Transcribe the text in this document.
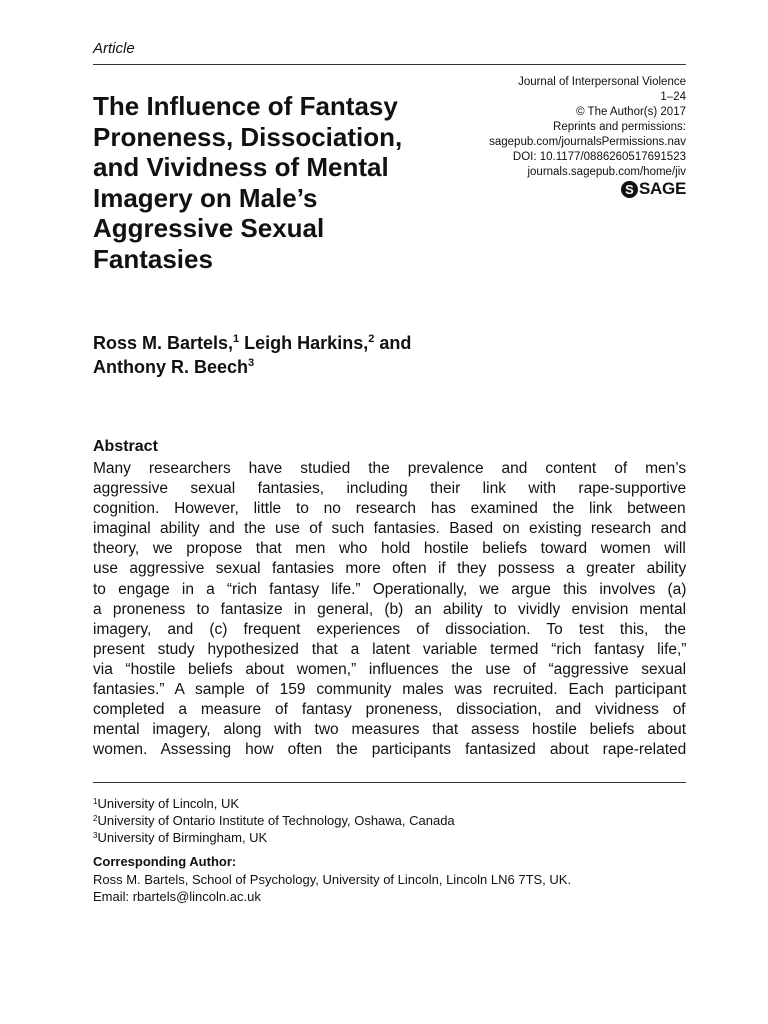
Article
The Influence of Fantasy
Proneness, Dissociation,
and Vividness of Mental
Imagery on Male’s
Aggressive Sexual
Fantasies
Journal of Interpersonal Violence
1–24
© The Author(s) 2017
Reprints and permissions:
sagepub.com/journalsPermissions.nav
DOI: 10.1177/0886260517691523
journals.sagepub.com/home/jiv
S SAGE
Ross M. Bartels,$^1$ Leigh Harkins,$^2$ and
Anthony R. Beech$^3$
Abstract
Many researchers have studied the prevalence and content of men’s
aggressive sexual fantasies, including their link with rape-supportive
cognition. However, little to no research has examined the link between
imaginal ability and the use of such fantasies. Based on existing research and
theory, we propose that men who hold hostile beliefs toward women will
use aggressive sexual fantasies more often if they possess a greater ability
to engage in a “rich fantasy life.” Operationally, we argue this involves (a)
a proneness to fantasize in general, (b) an ability to vividly envision mental
imagery, and (c) frequent experiences of dissociation. To test this, the
present study hypothesized that a latent variable termed “rich fantasy life,”
via “hostile beliefs about women,” influences the use of “aggressive sexual
fantasies.” A sample of 159 community males was recruited. Each participant
completed a measure of fantasy proneness, dissociation, and vividness of
mental imagery, along with two measures that assess hostile beliefs about
women. Assessing how often the participants fantasized about rape-related
$^1$University of Lincoln, UK
$^2$University of Ontario Institute of Technology, Oshawa, Canada
$^3$University of Birmingham, UK
Corresponding Author:
Ross M. Bartels, School of Psychology, University of Lincoln, Lincoln LN6 7TS, UK.
Email: rbartels@lincoln.ac.uk
